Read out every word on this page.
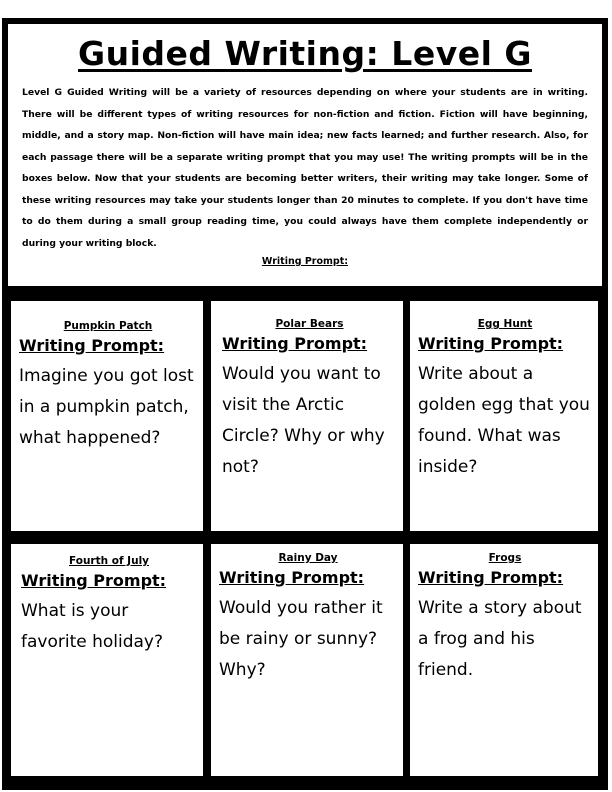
Guided Writing: Level G

Level G Guided Writing will be a variety of resources depending on where your students are in writing. There will be different types of writing resources for non-fiction and fiction. Fiction will have beginning, middle, and a story map. Non-fiction will have main idea; new facts learned; and further research. Also, for each passage there will be a separate writing prompt that you may use! The writing prompts will be in the boxes below. Now that your students are becoming better writers, their writing may take longer. Some of these writing resources may take your students longer than 20 minutes to complete. If you don't have time to do them during a small group reading time, you could always have them complete independently or during your writing block.

Writing Prompt:
Pumpkin Patch
Writing Prompt:

Imagine you got lost in a pumpkin patch, what happened?

Polar Bears
Writing Prompt:

Would you want to visit the Arctic Circle? Why or why not?

Egg Hunt
Writing Prompt:

Write about a golden egg that you found. What was inside?

Fourth of July
Writing Prompt:

What is your favorite holiday?

Rainy Day
Writing Prompt:

Would you rather it be rainy or sunny? Why?

Frogs
Writing Prompt:

Write a story about a frog and his friend.
